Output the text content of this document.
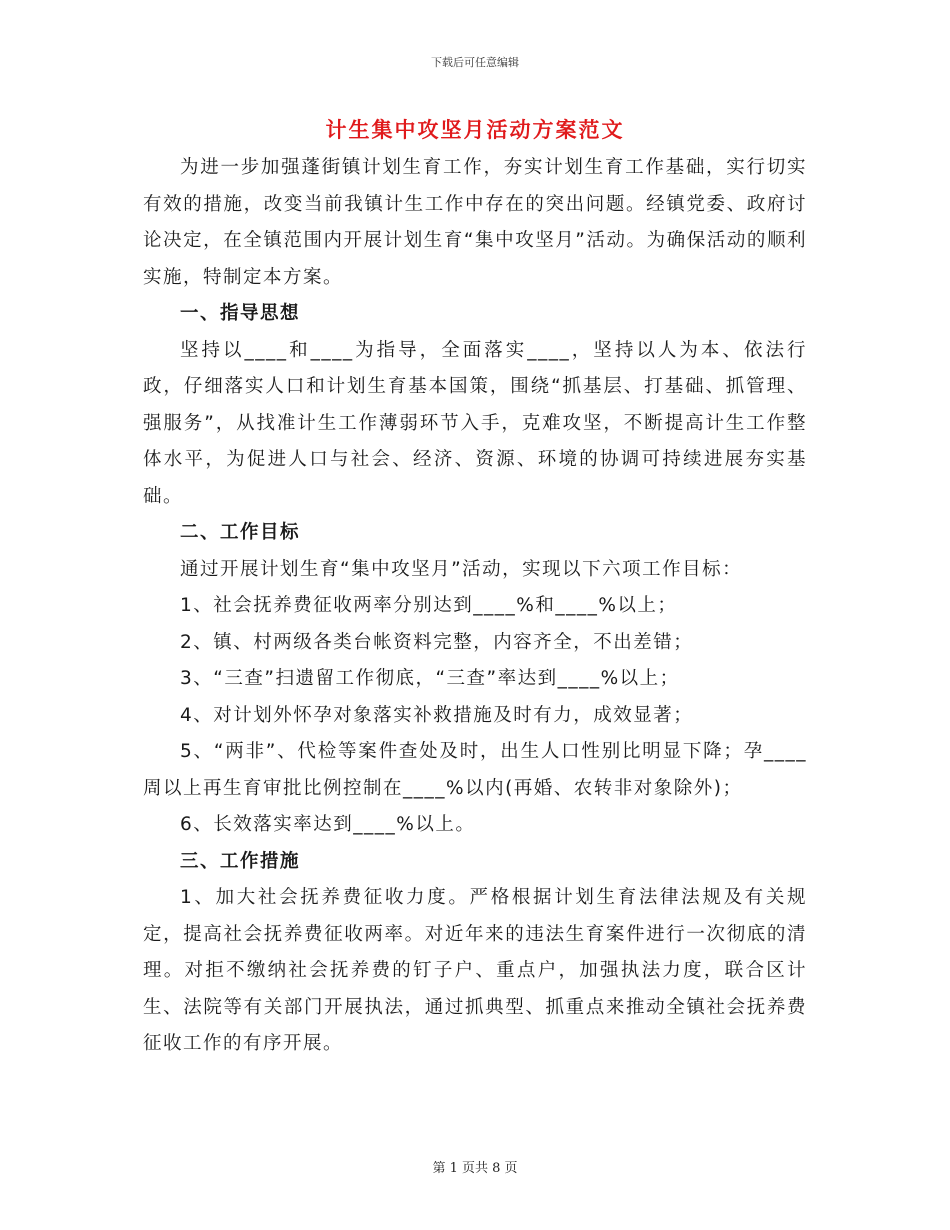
下载后可任意编辑
计生集中攻坚月活动方案范文

为进一步加强蓬街镇计划生育工作，夯实计划生育工作基础，实行切实有效的措施，改变当前我镇计生工作中存在的突出问题。经镇党委、政府讨论决定，在全镇范围内开展计划生育“集中攻坚月”活动。为确保活动的顺利实施，特制定本方案。

一、指导思想

坚持以____和____为指导，全面落实____，坚持以人为本、依法行政，仔细落实人口和计划生育基本国策，围绕“抓基层、打基础、抓管理、强服务”，从找准计生工作薄弱环节入手，克难攻坚，不断提高计生工作整体水平，为促进人口与社会、经济、资源、环境的协调可持续进展夯实基础。

二、工作目标

通过开展计划生育“集中攻坚月”活动，实现以下六项工作目标：

1、社会抚养费征收两率分别达到____%和____%以上；

2、镇、村两级各类台帐资料完整，内容齐全，不出差错；

3、“三查”扫遗留工作彻底，“三查”率达到____%以上；

4、对计划外怀孕对象落实补救措施及时有力，成效显著；

5、“两非”、代检等案件查处及时，出生人口性别比明显下降；孕____周以上再生育审批比例控制在____%以内(再婚、农转非对象除外)；

6、长效落实率达到____%以上。

三、工作措施

1、加大社会抚养费征收力度。严格根据计划生育法律法规及有关规定，提高社会抚养费征收两率。对近年来的违法生育案件进行一次彻底的清理。对拒不缴纳社会抚养费的钉子户、重点户，加强执法力度，联合区计生、法院等有关部门开展执法，通过抓典型、抓重点来推动全镇社会抚养费征收工作的有序开展。

第 1 页共 8 页
